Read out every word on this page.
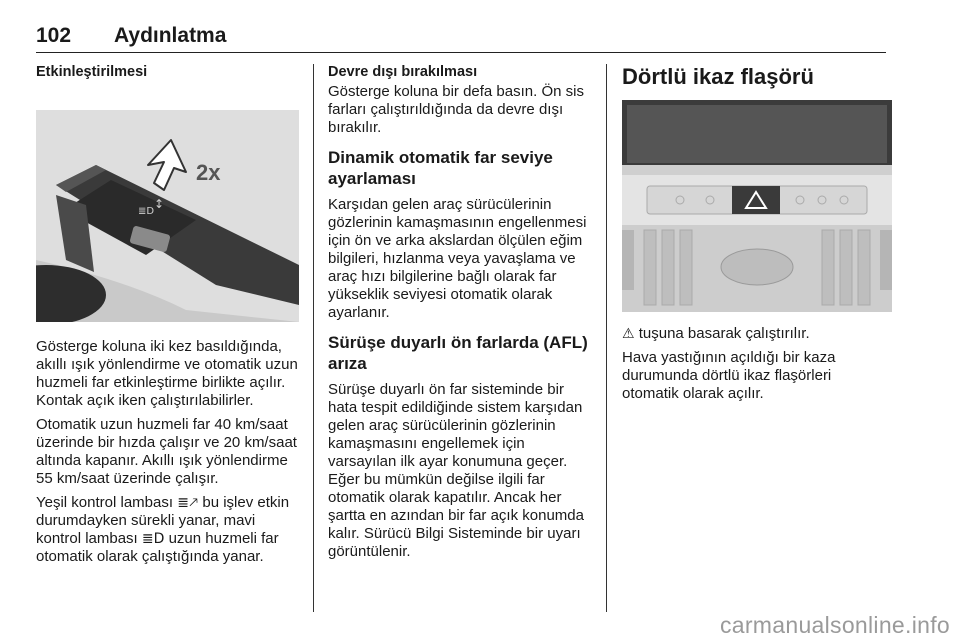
102 Aydınlatma
Etkinleştirilmesi
≣D
↕
2x

Gösterge koluna iki kez basıldığında, akıllı ışık yönlendirme ve otomatik uzun huzmeli far etkinleştirme birlikte açılır. Kontak açık iken çalıştırılabilirler.

Otomatik uzun huzmeli far 40 km/saat üzerinde bir hızda çalışır ve 20 km/saat altında kapanır. Akıllı ışık yönlendirme 55 km/saat üzerinde çalışır.

Yeşil kontrol lambası ≣🡕 bu işlev etkin durumdayken sürekli yanar, mavi kontrol lambası ≣D uzun huzmeli far otomatik olarak çalıştığında yanar.

Devre dışı bırakılması

Gösterge koluna bir defa basın. Ön sis farları çalıştırıldığında da devre dışı bırakılır.

Dinamik otomatik far seviye ayarlaması

Karşıdan gelen araç sürücülerinin gözlerinin kamaşmasının engellenmesi için ön ve arka akslardan ölçülen eğim bilgileri, hızlanma veya yavaşlama ve araç hızı bilgilerine bağlı olarak far yükseklik seviyesi otomatik olarak ayarlanır.

Sürüşe duyarlı ön farlarda (AFL) arıza

Sürüşe duyarlı ön far sisteminde bir hata tespit edildiğinde sistem karşıdan gelen araç sürücülerinin gözlerinin kamaşmasını engellemek için varsayılan ilk ayar konumuna geçer. Eğer bu mümkün değilse ilgili far otomatik olarak kapatılır. Ancak her şartta en azından bir far açık konumda kalır. Sürücü Bilgi Sisteminde bir uyarı görüntülenir.

Dörtlü ikaz flaşörü

⚠ tuşuna basarak çalıştırılır.

Hava yastığının açıldığı bir kaza durumunda dörtlü ikaz flaşörleri otomatik olarak açılır.

carmanualsonline.info
